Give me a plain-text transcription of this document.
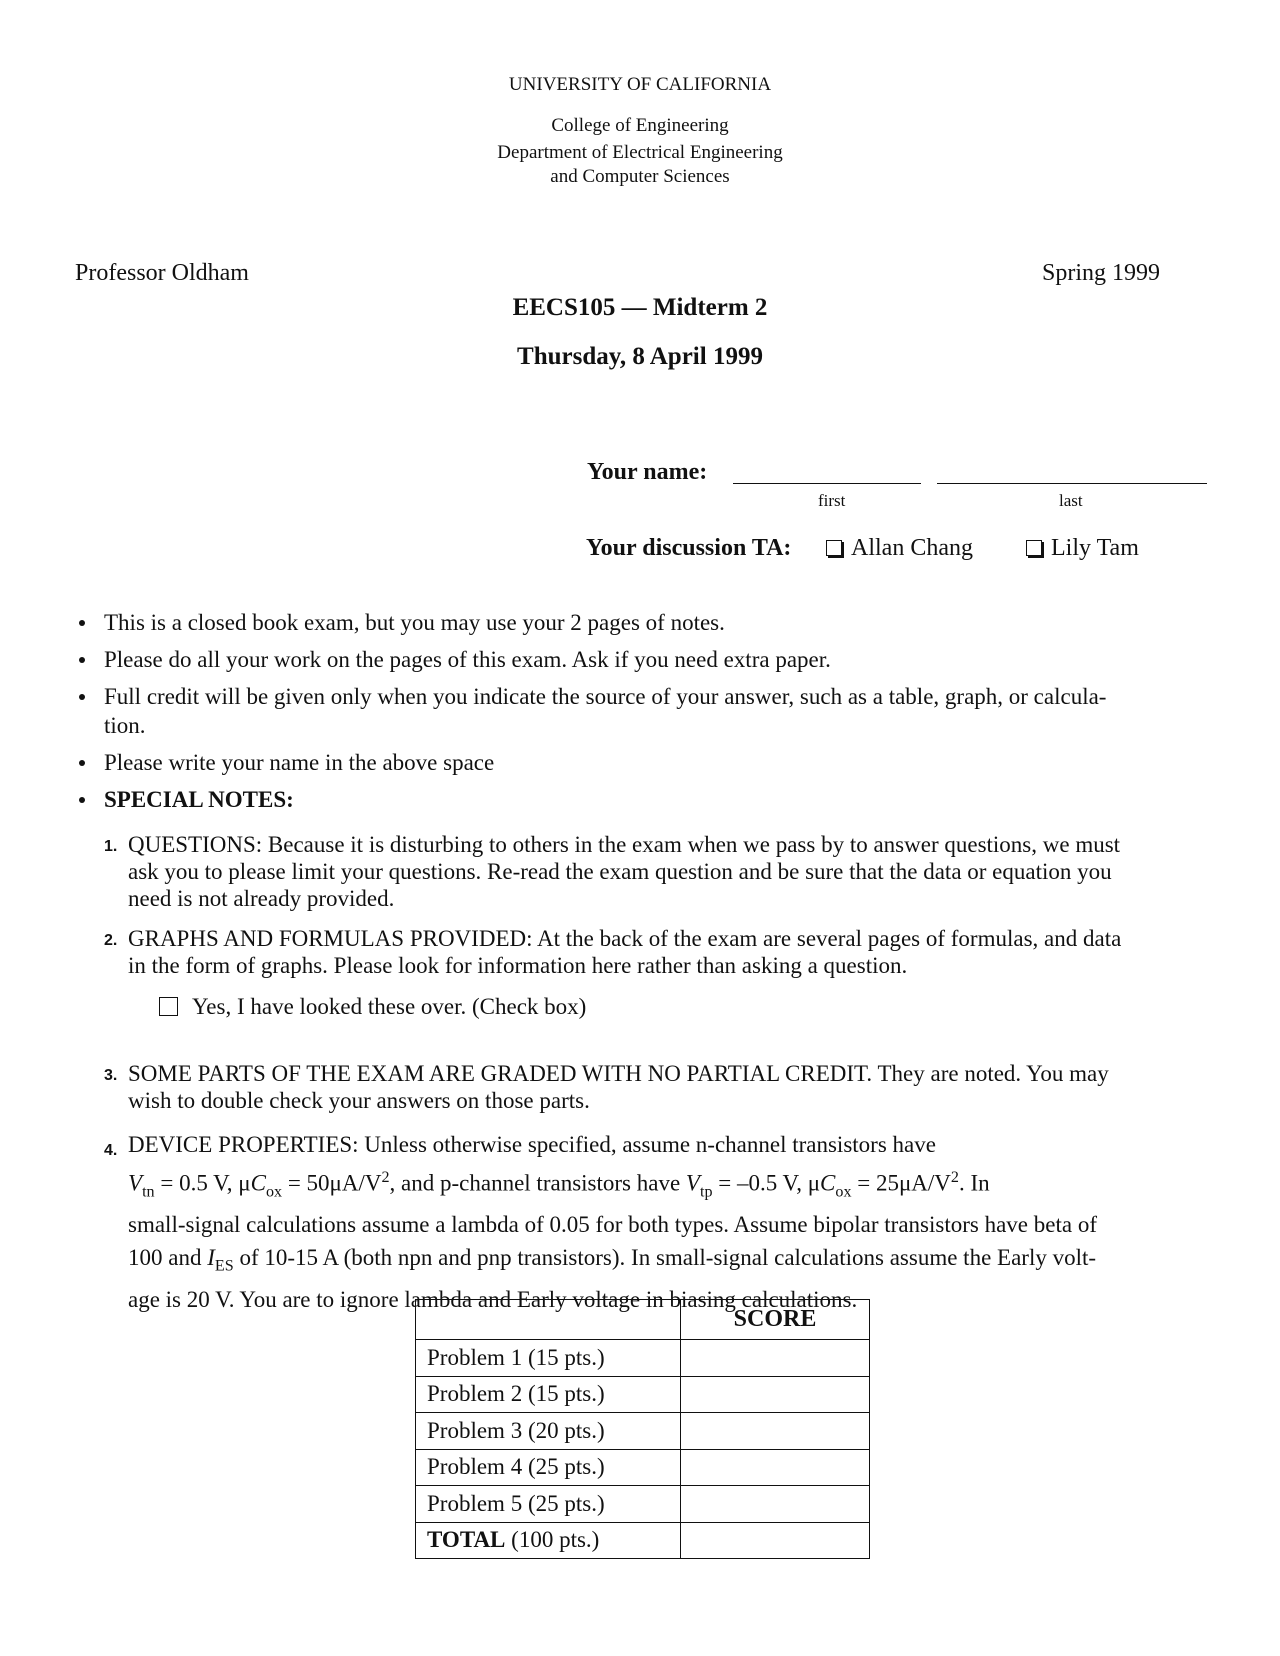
UNIVERSITY OF CALIFORNIA
College of Engineering
Department of Electrical Engineering
and Computer Sciences
Professor Oldham	Spring 1999
EECS105 — Midterm 2
Thursday, 8 April 1999
Your name:
first	last
Your discussion TA: Allan Chang	Lily Tam
This is a closed book exam, but you may use your 2 pages of notes.
Please do all your work on the pages of this exam. Ask if you need extra paper.
Full credit will be given only when you indicate the source of your answer, such as a table, graph, or calcula-
tion.
Please write your name in the above space
SPECIAL NOTES:
1. QUESTIONS: Because it is disturbing to others in the exam when we pass by to answer questions, we must
ask you to please limit your questions. Re-read the exam question and be sure that the data or equation you
need is not already provided.
2. GRAPHS AND FORMULAS PROVIDED: At the back of the exam are several pages of formulas, and data
in the form of graphs. Please look for information here rather than asking a question.
Yes, I have looked these over. (Check box)
3. SOME PARTS OF THE EXAM ARE GRADED WITH NO PARTIAL CREDIT. They are noted. You may
wish to double check your answers on those parts.
4. DEVICE PROPERTIES: Unless otherwise specified, assume n-channel transistors have
$V_{tn} = 0.5$ V, $\mu C_{ox} = 50\mu A/V^2$, and p-channel transistors have $V_{tp} = -0.5$ V, $\mu C_{ox} = 25\mu A/V^2$. In
small-signal calculations assume a lambda of 0.05 for both types. Assume bipolar transistors have beta of
100 and $I_{ES}$ of 10-15 A (both npn and pnp transistors). In small-signal calculations assume the Early volt-
age is 20 V. You are to ignore lambda and Early voltage in biasing calculations.
	SCORE
Problem 1 (15 pts.)	
Problem 2 (15 pts.)	
Problem 3 (20 pts.)	
Problem 4 (25 pts.)	
Problem 5 (25 pts.)	
TOTAL (100 pts.)	
